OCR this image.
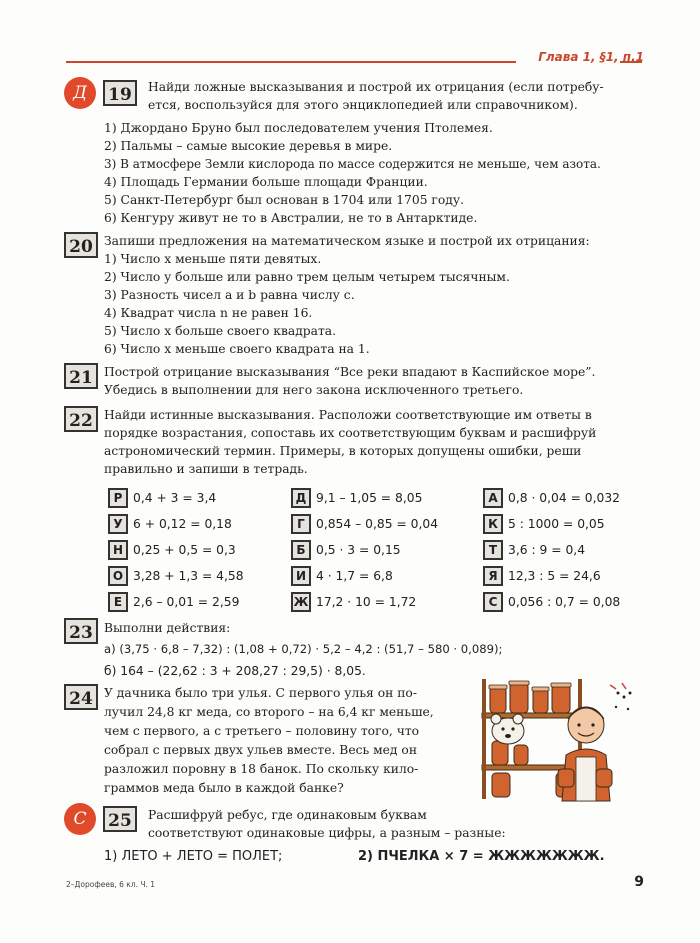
Глава 1, §1, п.1
Д	19	Найди ложные высказывания и построй их отрицания (если потребу-
ется, воспользуйся для этого энциклопедией или справочником).
1) Джордано Бруно был последователем учения Птолемея.
2) Пальмы – самые высокие деревья в мире.
3) В атмосфере Земли кислорода по массе содержится не меньше, чем азота.
4) Площадь Германии больше площади Франции.
5) Санкт-Петербург был основан в 1704 или 1705 году.
6) Кенгуру живут не то в Австралии, не то в Антарктиде.
20 Запиши предложения на математическом языке и построй их отрицания:
1) Число x меньше пяти девятых.
2) Число y больше или равно трем целым четырем тысячным.
3) Разность чисел a и b равна числу c.
4) Квадрат числа n не равен 16.
5) Число x больше своего квадрата.
6) Число x меньше своего квадрата на 1.
21 Построй отрицание высказывания “Все реки впадают в Каспийское море”.
Убедись в выполнении для него закона исключенного третьего.
22 Найди истинные высказывания. Расположи соответствующие им ответы в
порядке возрастания, сопоставь их соответствующим буквам и расшифруй
астрономический термин. Примеры, в которых допущены ошибки, реши
правильно и запиши в тетрадь.
Р 0,4 + 3 = 3,4	Д 9,1 – 1,05 = 8,05	А 0,8 · 0,04 = 0,032
У 6 + 0,12 = 0,18	Г 0,854 – 0,85 = 0,04	К 5 : 1000 = 0,05
Н 0,25 + 0,5 = 0,3	Б 0,5 · 3 = 0,15	Т 3,6 : 9 = 0,4
О 3,28 + 1,3 = 4,58	И 4 · 1,7 = 6,8	Я 12,3 : 5 = 24,6
Е 2,6 – 0,01 = 2,59	Ж 17,2 · 10 = 1,72	С 0,056 : 0,7 = 0,08
23 Выполни действия:
а) (3,75 · 6,8 – 7,32) : (1,08 + 0,72) · 5,2 – 4,2 : (51,7 – 580 · 0,089);
б) 164 – (22,62 : 3 + 208,27 : 29,5) · 8,05.
24 У дачника было три улья. С первого улья он по-
лучил 24,8 кг меда, со второго – на 6,4 кг меньше,
чем с первого, а с третьего – половину того, что
собрал с первых двух ульев вместе. Весь мед он
разложил поровну в 18 банок. По скольку кило-
граммов меда было в каждой банке?
С	25	Расшифруй ребус, где одинаковым буквам
соответствуют одинаковые цифры, а разным – разные:
1) ЛЕТО + ЛЕТО = ПОЛЕТ;	2) ПЧЕЛКА × 7 = ЖЖЖЖЖЖЖ.
2–Дорофеев, 6 кл. Ч. 1	9
